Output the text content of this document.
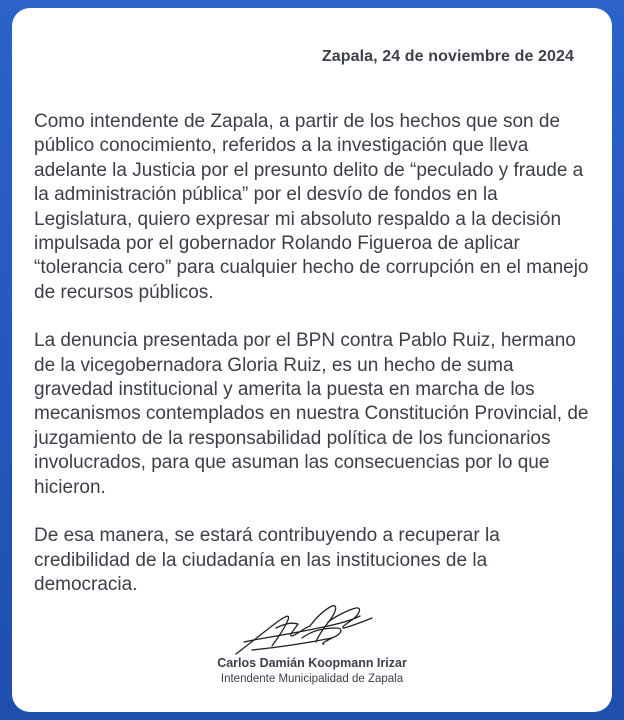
Zapala, 24 de noviembre de 2024

Como intendente de Zapala, a partir de los hechos que son de público conocimiento, referidos a la investigación que lleva adelante la Justicia por el presunto delito de “peculado y fraude a la administración pública” por el desvío de fondos en la Legislatura, quiero expresar mi absoluto respaldo a la decisión impulsada por el gobernador Rolando Figueroa de aplicar “tolerancia cero” para cualquier hecho de corrupción en el manejo de recursos públicos.

La denuncia presentada por el BPN contra Pablo Ruiz, hermano de la vicegobernadora Gloria Ruiz, es un hecho de suma gravedad institucional y amerita la puesta en marcha de los mecanismos contemplados en nuestra Constitución Provincial, de juzgamiento de la responsabilidad política de los funcionarios involucrados, para que asuman las consecuencias por lo que hicieron.

De esa manera, se estará contribuyendo a recuperar la credibilidad de la ciudadanía en las instituciones de la democracia.

Carlos Damián Koopmann Irizar
Intendente Municipalidad de Zapala
